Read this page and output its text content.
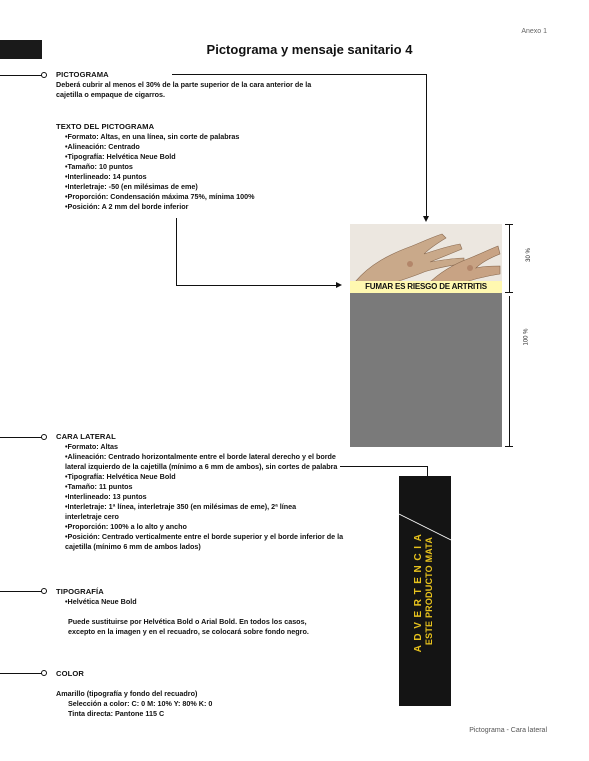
Anexo 1
Pictograma y mensaje sanitario 4
PICTOGRAMA
Deberá cubrir al menos el 30% de la parte superior de la cara anterior de la cajetilla o empaque de cigarros.
TEXTO DEL PICTOGRAMA
• Formato: Altas, en una línea, sin corte de palabras
• Alineación: Centrado
• Tipografía: Helvética Neue Bold
• Tamaño: 10 puntos
• Interlineado: 14 puntos
• Interletraje: -50 (en milésimas de eme)
• Proporción: Condensación máxima 75%, mínima 100%
• Posición: A 2 mm del borde inferior
FUMAR ES RIESGO DE ARTRITIS
30 %
100 %
CARA LATERAL
• Formato: Altas
• Alineación: Centrado horizontalmente entre el borde lateral derecho y el borde lateral izquierdo de la cajetilla (mínimo a 6 mm de ambos), sin cortes de palabra
• Tipografía: Helvética Neue Bold
• Tamaño: 11 puntos
• Interlineado: 13 puntos
• Interletraje: 1ª línea, interletraje 350 (en milésimas de eme), 2ª línea interletraje cero
• Proporción: 100% a lo alto y ancho
• Posición: Centrado verticalmente entre el borde superior y el borde inferior de la cajetilla (mínimo 6 mm de ambos lados)	ADVERTENCIA ESTE PRODUCTO MATA
TIPOGRAFÍA
• Helvética Neue Bold
Puede sustituirse por Helvética Bold o Arial Bold. En todos los casos, excepto en la imagen y en el recuadro, se colocará sobre fondo negro.
COLOR
Amarillo (tipografía y fondo del recuadro)
Selección a color: C: 0 M: 10% Y: 80% K: 0
Tinta directa: Pantone 115 C
Pictograma - Cara lateral
